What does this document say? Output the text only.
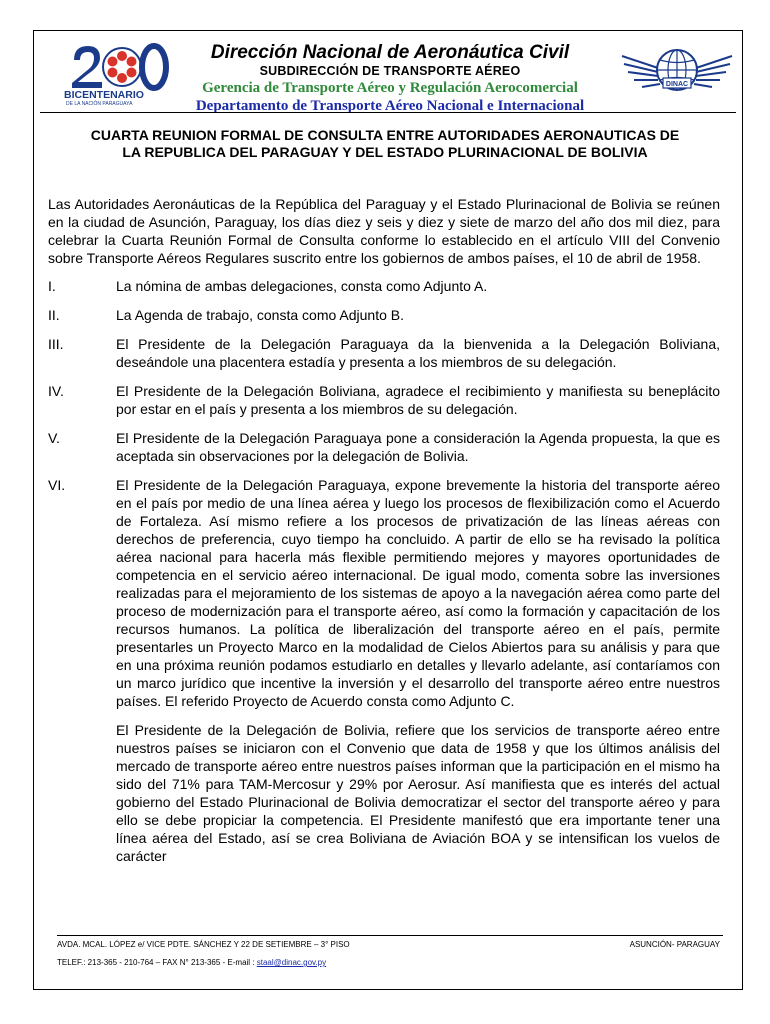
BICENTENARIO
DE LA NACIÓN PARAGUAYA
Dirección Nacional de Aeronáutica Civil
SUBDIRECCIÓN DE TRANSPORTE AÉREO
Gerencia de Transporte Aéreo y Regulación Aerocomercial
Departamento de Transporte Aéreo Nacional e Internacional
DINAC
CUARTA REUNION FORMAL DE CONSULTA ENTRE AUTORIDADES AERONAUTICAS DE
LA REPUBLICA DEL PARAGUAY Y DEL ESTADO PLURINACIONAL DE BOLIVIA

Las Autoridades Aeronáuticas de la República del Paraguay y el Estado Plurinacional de Bolivia se reúnen en la ciudad de Asunción, Paraguay, los días diez y seis y diez y siete de marzo del año dos mil diez, para celebrar la Cuarta Reunión Formal de Consulta conforme lo establecido en el artículo VIII del Convenio sobre Transporte Aéreos Regulares suscrito entre los gobiernos de ambos países, el 10 de abril de 1958.

I.	La nómina de ambas delegaciones, consta como Adjunto A.
II.	La Agenda de trabajo, consta como Adjunto B.
III.	El Presidente de la Delegación Paraguaya da la bienvenida a la Delegación Boliviana, deseándole una placentera estadía y presenta a los miembros de su delegación.
IV.	El Presidente de la Delegación Boliviana, agradece el recibimiento y manifiesta su beneplácito por estar en el país y presenta a los miembros de su delegación.
V.	El Presidente de la Delegación Paraguaya pone a consideración la Agenda propuesta, la que es aceptada sin observaciones por la delegación de Bolivia.
VI.	El Presidente de la Delegación Paraguaya, expone brevemente la historia del transporte aéreo en el país por medio de una línea aérea y luego los procesos de flexibilización como el Acuerdo de Fortaleza. Así mismo refiere a los procesos de privatización de las líneas aéreas con derechos de preferencia, cuyo tiempo ha concluido. A partir de ello se ha revisado la política aérea nacional para hacerla más flexible permitiendo mejores y mayores oportunidades de competencia en el servicio aéreo internacional. De igual modo, comenta sobre las inversiones realizadas para el mejoramiento de los sistemas de apoyo a la navegación aérea como parte del proceso de modernización para el transporte aéreo, así como la formación y capacitación de los recursos humanos. La política de liberalización del transporte aéreo en el país, permite presentarles un Proyecto Marco en la modalidad de Cielos Abiertos para su análisis y para que en una próxima reunión podamos estudiarlo en detalles y llevarlo adelante, así contaríamos con un marco jurídico que incentive la inversión y el desarrollo del transporte aéreo entre nuestros países. El referido Proyecto de Acuerdo consta como Adjunto C.

El Presidente de la Delegación de Bolivia, refiere que los servicios de transporte aéreo entre nuestros países se iniciaron con el Convenio que data de 1958 y que los últimos análisis del mercado de transporte aéreo entre nuestros países informan que la participación en el mismo ha sido del 71% para TAM-Mercosur y 29% por Aerosur. Así manifiesta que es interés del actual gobierno del Estado Plurinacional de Bolivia democratizar el sector del transporte aéreo y para ello se debe propiciar la competencia. El Presidente manifestó que era importante tener una línea aérea del Estado, así se crea Boliviana de Aviación BOA y se intensifican los vuelos de carácter

AVDA. MCAL. LÓPEZ e/ VICE PDTE. SÁNCHEZ Y 22 DE SETIEMBRE – 3° PISO	ASUNCIÓN- PARAGUAY
TELEF.: 213-365 - 210-764 – FAX N° 213-365 - E-mail : staal@dinac.gov.py
